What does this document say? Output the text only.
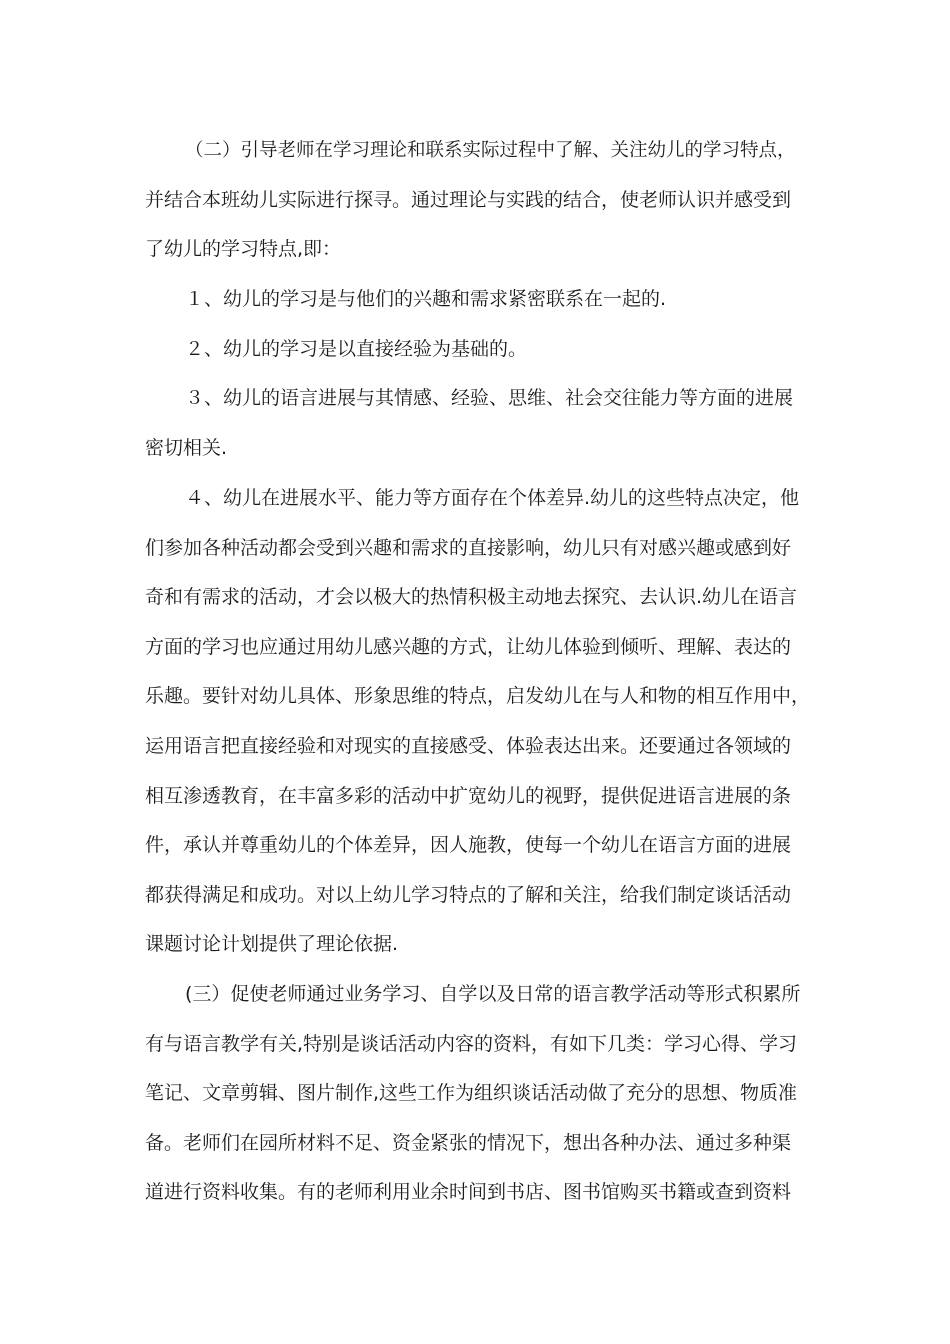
（二）引导老师在学习理论和联系实际过程中了解、关注幼儿的学习特点，
并结合本班幼儿实际进行探寻。通过理论与实践的结合，使老师认识并感受到
了幼儿的学习特点,即：
１、幼儿的学习是与他们的兴趣和需求紧密联系在一起的.
２、幼儿的学习是以直接经验为基础的。
３、幼儿的语言进展与其情感、经验、思维、社会交往能力等方面的进展
密切相关.
４、幼儿在进展水平、能力等方面存在个体差异.幼儿的这些特点决定，他
们参加各种活动都会受到兴趣和需求的直接影响，幼儿只有对感兴趣或感到好
奇和有需求的活动，才会以极大的热情积极主动地去探究、去认识.幼儿在语言
方面的学习也应通过用幼儿感兴趣的方式，让幼儿体验到倾听、理解、表达的
乐趣。要针对幼儿具体、形象思维的特点，启发幼儿在与人和物的相互作用中，
运用语言把直接经验和对现实的直接感受、体验表达出来。还要通过各领域的
相互渗透教育，在丰富多彩的活动中扩宽幼儿的视野，提供促进语言进展的条
件，承认并尊重幼儿的个体差异，因人施教，使每一个幼儿在语言方面的进展
都获得满足和成功。对以上幼儿学习特点的了解和关注，给我们制定谈话活动
课题讨论计划提供了理论依据.
(三）促使老师通过业务学习、自学以及日常的语言教学活动等形式积累所
有与语言教学有关,特别是谈话活动内容的资料，有如下几类：学习心得、学习
笔记、文章剪辑、图片制作,这些工作为组织谈话活动做了充分的思想、物质准
备。老师们在园所材料不足、资金紧张的情况下，想出各种办法、通过多种渠
道进行资料收集。有的老师利用业余时间到书店、图书馆购买书籍或查到资料
